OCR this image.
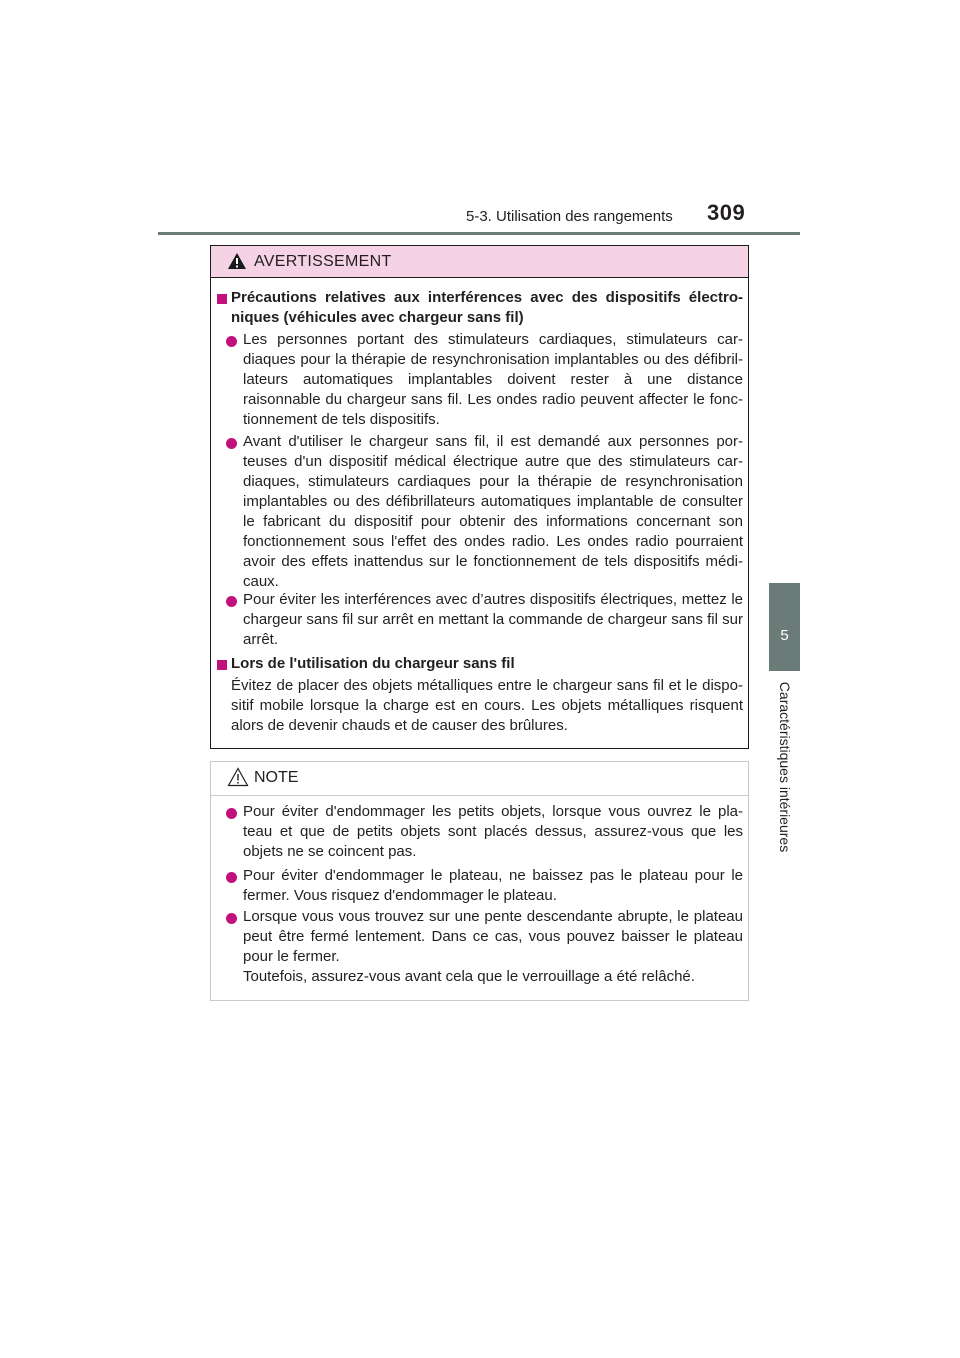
5-3. Utilisation des rangements 309
5
Caractéristiques intérieures
AVERTISSEMENT
Précautions relatives aux interférences avec des dispositifs électro-niques (véhicules avec chargeur sans fil)
Les personnes portant des stimulateurs cardiaques, stimulateurs car-diaques pour la thérapie de resynchronisation implantables ou des défibril-lateurs automatiques implantables doivent rester à une distance raisonnable du chargeur sans fil. Les ondes radio peuvent affecter le fonc-tionnement de tels dispositifs.
Avant d'utiliser le chargeur sans fil, il est demandé aux personnes por-teuses d'un dispositif médical électrique autre que des stimulateurs car-diaques, stimulateurs cardiaques pour la thérapie de resynchronisation implantables ou des défibrillateurs automatiques implantable de consulter le fabricant du dispositif pour obtenir des informations concernant son fonctionnement sous l'effet des ondes radio. Les ondes radio pourraient avoir des effets inattendus sur le fonctionnement de tels dispositifs médi-caux.
Pour éviter les interférences avec d’autres dispositifs électriques, mettez le chargeur sans fil sur arrêt en mettant la commande de chargeur sans fil sur arrêt.
Lors de l'utilisation du chargeur sans fil
Évitez de placer des objets métalliques entre le chargeur sans fil et le dispo-sitif mobile lorsque la charge est en cours. Les objets métalliques risquent alors de devenir chauds et de causer des brûlures.
NOTE
Pour éviter d'endommager les petits objets, lorsque vous ouvrez le pla-teau et que de petits objets sont placés dessus, assurez-vous que les objets ne se coincent pas.
Pour éviter d'endommager le plateau, ne baissez pas le plateau pour le fermer. Vous risquez d'endommager le plateau.
Lorsque vous vous trouvez sur une pente descendante abrupte, le plateau peut être fermé lentement. Dans ce cas, vous pouvez baisser le plateau pour le fermer.
Toutefois, assurez-vous avant cela que le verrouillage a été relâché.
